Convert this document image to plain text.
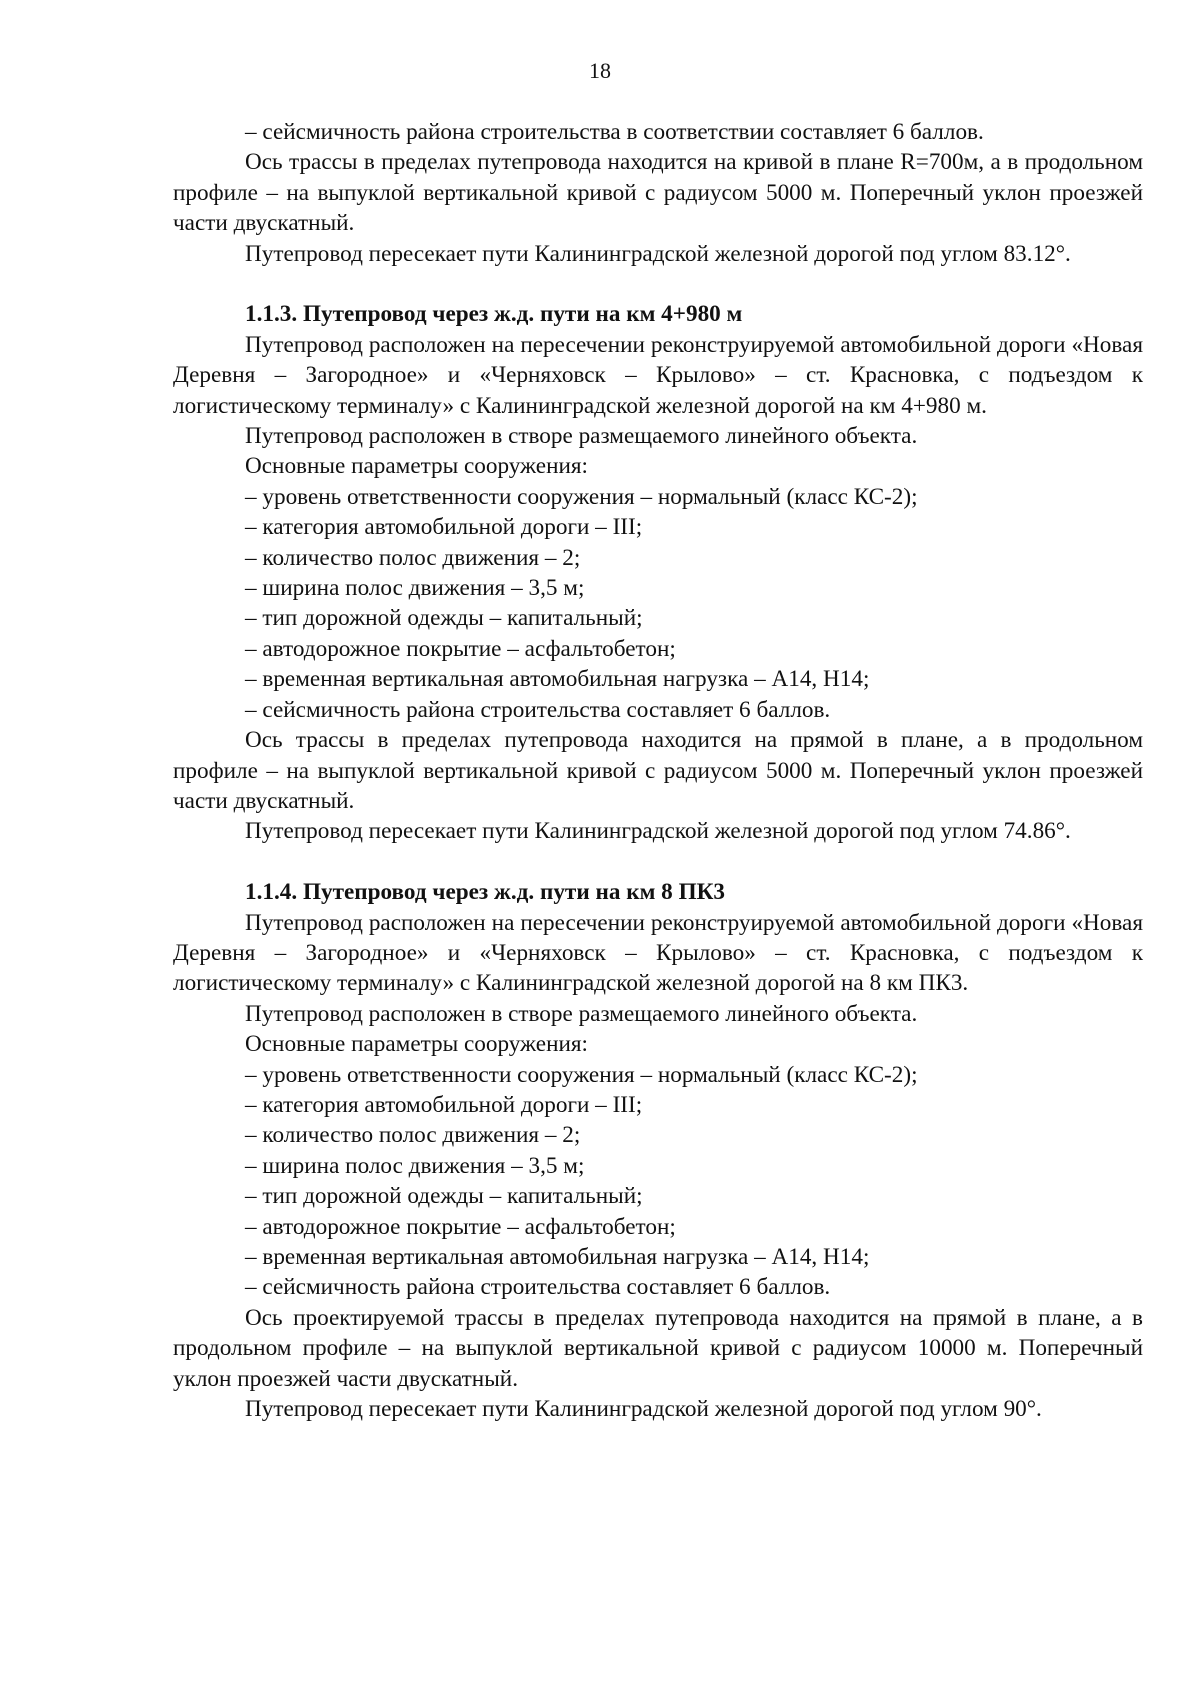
18

– сейсмичность района строительства в соответствии составляет 6 баллов.

Ось трассы в пределах путепровода находится на кривой в плане R=700м, а в продольном профиле – на выпуклой вертикальной кривой с радиусом 5000 м. Поперечный уклон проезжей части двускатный.

Путепровод пересекает пути Калининградской железной дорогой под углом 83.12°.

1.1.3. Путепровод через ж.д. пути на км 4+980 м

Путепровод расположен на пересечении реконструируемой автомобильной дороги «Новая Деревня – Загородное» и «Черняховск – Крылово» – ст. Красновка, с подъездом к логистическому терминалу» с Калининградской железной дорогой на км 4+980 м.

Путепровод расположен в створе размещаемого линейного объекта.

Основные параметры сооружения:

– уровень ответственности сооружения – нормальный (класс КС-2);

– категория автомобильной дороги – III;

– количество полос движения – 2;

– ширина полос движения – 3,5 м;

– тип дорожной одежды – капитальный;

– автодорожное покрытие – асфальтобетон;

– временная вертикальная автомобильная нагрузка – А14, Н14;

– сейсмичность района строительства составляет 6 баллов.

Ось трассы в пределах путепровода находится на прямой в плане, а в продольном профиле – на выпуклой вертикальной кривой с радиусом 5000 м. Поперечный уклон проезжей части двускатный.

Путепровод пересекает пути Калининградской железной дорогой под углом 74.86°.

1.1.4. Путепровод через ж.д. пути на км 8 ПК3

Путепровод расположен на пересечении реконструируемой автомобильной дороги «Новая Деревня – Загородное» и «Черняховск – Крылово» – ст. Красновка, с подъездом к логистическому терминалу» с Калининградской железной дорогой на 8 км ПК3.

Путепровод расположен в створе размещаемого линейного объекта.

Основные параметры сооружения:

– уровень ответственности сооружения – нормальный (класс КС-2);

– категория автомобильной дороги – III;

– количество полос движения – 2;

– ширина полос движения – 3,5 м;

– тип дорожной одежды – капитальный;

– автодорожное покрытие – асфальтобетон;

– временная вертикальная автомобильная нагрузка – А14, Н14;

– сейсмичность района строительства составляет 6 баллов.

Ось проектируемой трассы в пределах путепровода находится на прямой в плане, а в продольном профиле – на выпуклой вертикальной кривой с радиусом 10000 м. Поперечный уклон проезжей части двускатный.

Путепровод пересекает пути Калининградской железной дорогой под углом 90°.
